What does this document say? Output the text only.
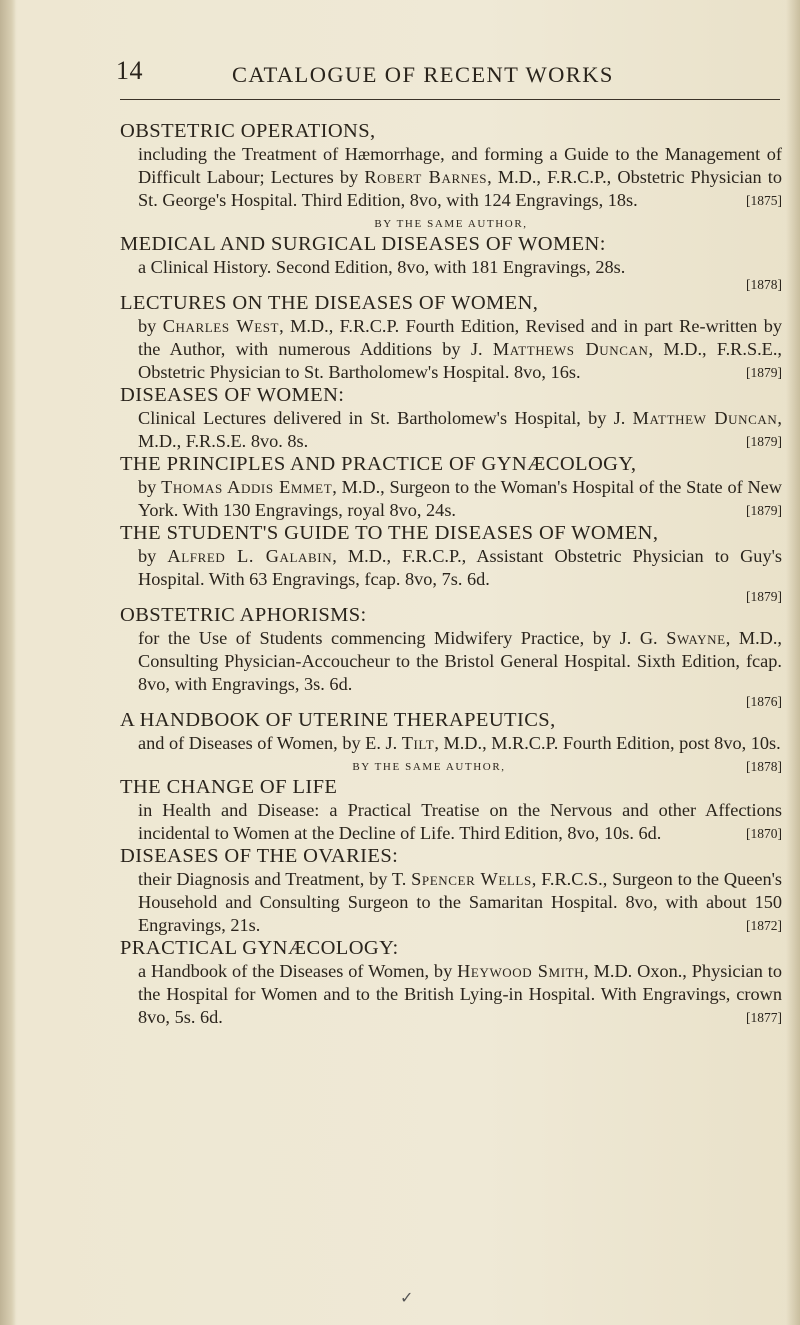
14	CATALOGUE OF RECENT WORKS
OBSTETRIC OPERATIONS,
including the Treatment of Hæmorrhage, and forming a Guide to the Management of Difficult Labour; Lectures by Robert Barnes, M.D., F.R.C.P., Obstetric Physician to St. George's Hospital. Third Edition, 8vo, with 124 Engravings, 18s.	[1875]
BY THE SAME AUTHOR,
MEDICAL AND SURGICAL DISEASES OF WOMEN:
a Clinical History. Second Edition, 8vo, with 181 Engravings, 28s.
[1878]
LECTURES ON THE DISEASES OF WOMEN,
by Charles West, M.D., F.R.C.P. Fourth Edition, Revised and in part Re-written by the Author, with numerous Additions by J. Matthews Duncan, M.D., F.R.S.E., Obstetric Physician to St. Bartholomew's Hospital. 8vo, 16s.	[1879]
DISEASES OF WOMEN:
Clinical Lectures delivered in St. Bartholomew's Hospital, by J. Matthew Duncan, M.D., F.R.S.E. 8vo. 8s.	[1879]
THE PRINCIPLES AND PRACTICE OF GYNÆCOLOGY,
by Thomas Addis Emmet, M.D., Surgeon to the Woman's Hospital of the State of New York. With 130 Engravings, royal 8vo, 24s.	[1879]
THE STUDENT'S GUIDE TO THE DISEASES OF WOMEN,
by Alfred L. Galabin, M.D., F.R.C.P., Assistant Obstetric Physician to Guy's Hospital. With 63 Engravings, fcap. 8vo, 7s. 6d.
[1879]
OBSTETRIC APHORISMS:
for the Use of Students commencing Midwifery Practice, by J. G. Swayne, M.D., Consulting Physician-Accoucheur to the Bristol General Hospital. Sixth Edition, fcap. 8vo, with Engravings, 3s. 6d.
[1876]
A HANDBOOK OF UTERINE THERAPEUTICS,
and of Diseases of Women, by E. J. Tilt, M.D., M.R.C.P. Fourth Edition, post 8vo, 10s.
[1878]
BY THE SAME AUTHOR,
THE CHANGE OF LIFE
in Health and Disease: a Practical Treatise on the Nervous and other Affections incidental to Women at the Decline of Life. Third Edition, 8vo, 10s. 6d.	[1870]
DISEASES OF THE OVARIES:
their Diagnosis and Treatment, by T. Spencer Wells, F.R.C.S., Surgeon to the Queen's Household and Consulting Surgeon to the Samaritan Hospital. 8vo, with about 150 Engravings, 21s.	[1872]
PRACTICAL GYNÆCOLOGY:
a Handbook of the Diseases of Women, by Heywood Smith, M.D. Oxon., Physician to the Hospital for Women and to the British Lying-in Hospital. With Engravings, crown 8vo, 5s. 6d.	[1877]
✓
